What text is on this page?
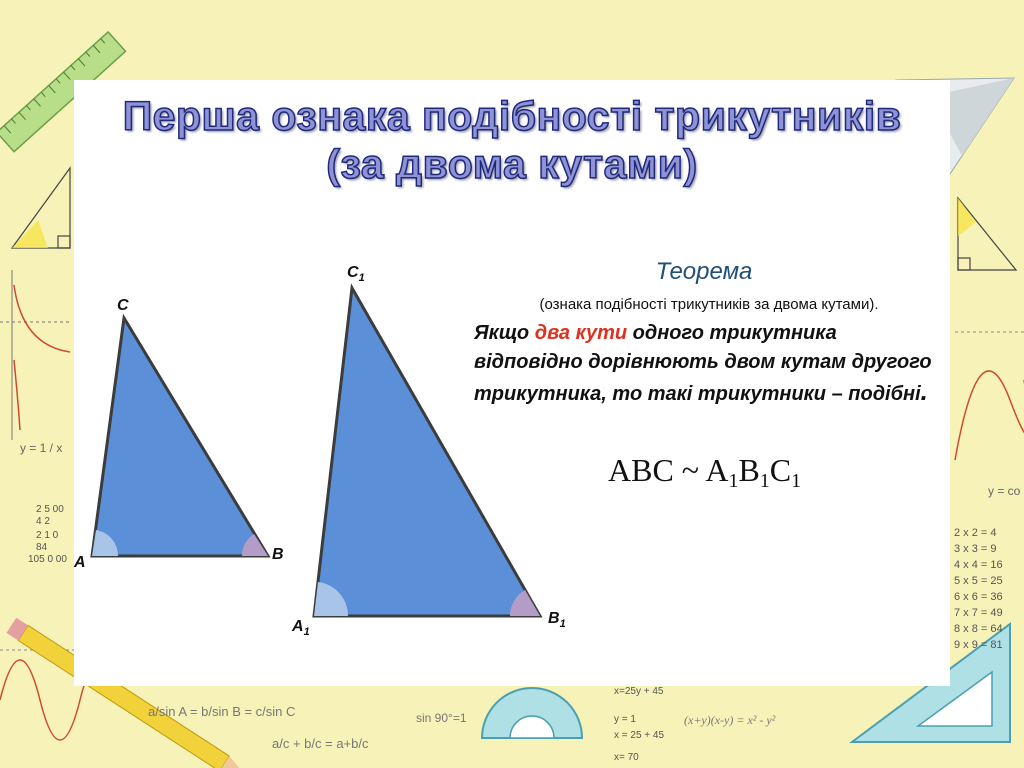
y = 1 / x
2 5 00
4 2
2 1 0
84
105 0 00
a/sin A = b/sin B = c/sin C
a/c + b/c = a+b/c
sin 90°=1
x=25y + 45
y = 1
x = 25 + 45
x= 70
(x+y)(x-y) = x² - y²
y = co
2 x 2 = 4
3 x 3 = 9
4 x 4 = 16
5 x 5 = 25
6 x 6 = 36
7 x 7 = 49
8 x 8 = 64
9 x 9 = 81
Перша ознака подібності трикутників
(за двома кутами)
C
A	B
$C_1$
$A_1$
$B_1$
Теорема
(ознака подібності трикутників за двома кутами).
Якщо два кути одного трикутника відповідно дорівнюють двом кутам другого трикутника, то такі трикутники – подібні.
ABC ~ $A_1B_1C_1$
